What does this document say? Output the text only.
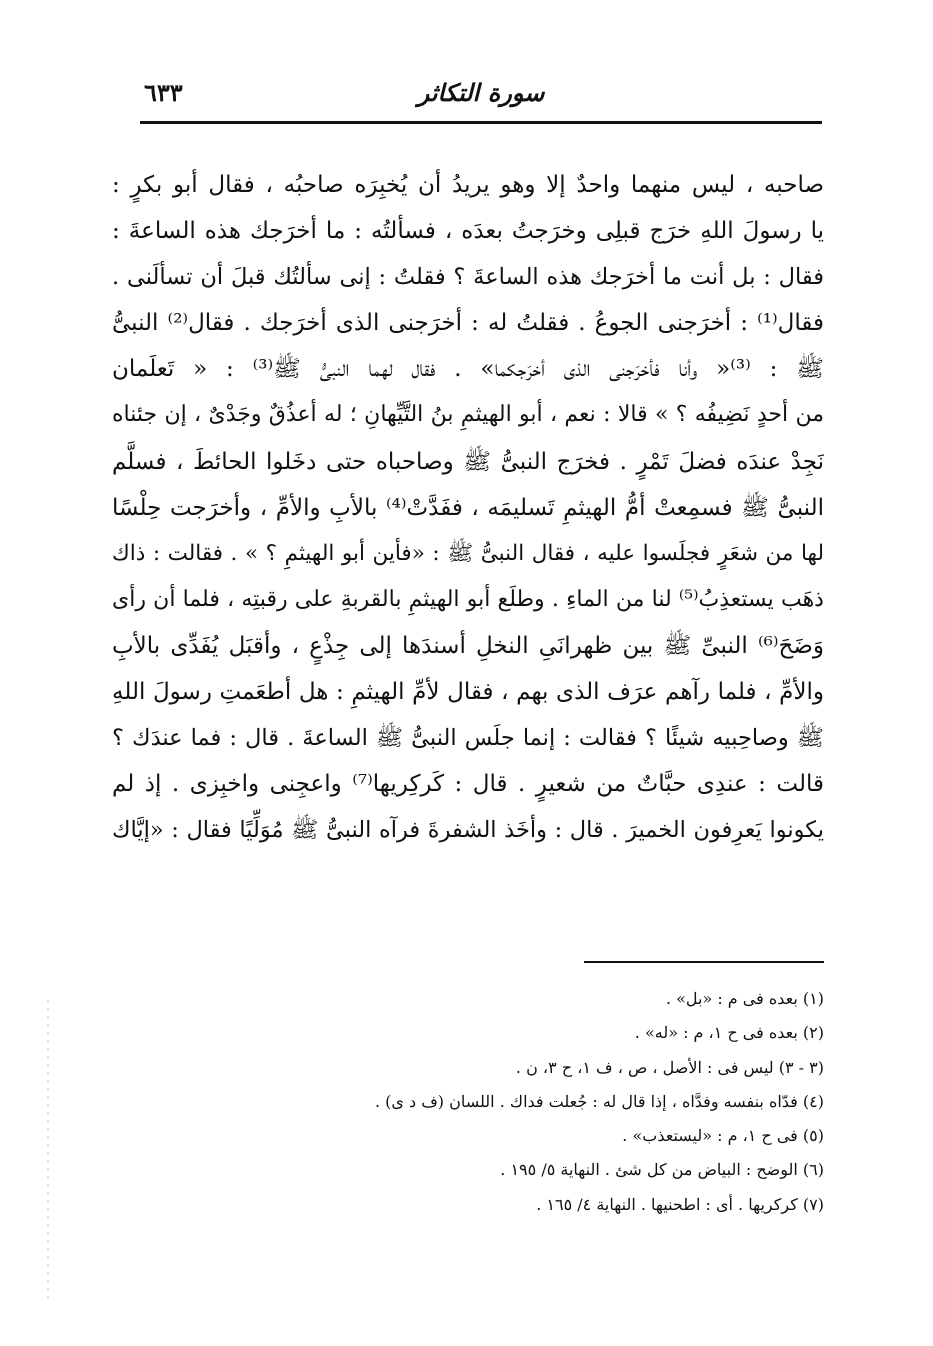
سورة التكاثر
٦٣٣
صاحبه ، ليس منهما واحدٌ إلا وهو يريدُ أن يُخبِرَه صاحبُه ، فقال أبو بكرٍ :
يا رسولَ اللهِ خرَج قبلِى وخرَجتُ بعدَه ، فسألتُه : ما أخرَجك هذه الساعةَ :
فقال : بل أنت ما أخرَجك هذه الساعةَ ؟ فقلتُ : إنى سألتُك قبلَ أن تسألَنى .
فقال⁽¹⁾ : أخرَجنى الجوعُ . فقلتُ له : أخرَجنى الذى أخرَجك . فقال⁽²⁾ النبىُّ
ﷺ : ⁽³⁾« وأنا فأخرَجنى الذى أخرَجكما» . فقال لهما النبىُّ ﷺ⁽³⁾ : « تَعلَمان
من أحدٍ نَضِيفُه ؟ » قالا : نعم ، أبو الهيثمِ بنُ التَّيِّهانِ ؛ له أعذُقٌ وجَدْىٌ ، إن جئناه
نَجِدْ عندَه فضلَ تَمْرٍ . فخرَج النبىُّ ﷺ وصاحباه حتى دخَلوا الحائطَ ، فسلَّم
النبىُّ ﷺ فسمِعتْ أمُّ الهيثمِ تَسليمَه ، ففَدَّتْ⁽⁴⁾ بالأبِ والأمِّ ، وأخرَجت حِلْسًا
لها من شعَرٍ فجلَسوا عليه ، فقال النبىُّ ﷺ : «فأين أبو الهيثمِ ؟ » . فقالت : ذاك
ذهَب يستعذِبُ⁽⁵⁾ لنا من الماءِ . وطلَع أبو الهيثمِ بالقربةِ على رقبتِه ، فلما أن رأى
وَضَحَ⁽⁶⁾ النبىِّ ﷺ بين ظهرانَىِ النخلِ أسندَها إلى جِذْعٍ ، وأقبَل يُفَدِّى بالأبِ
والأمِّ ، فلما رآهم عرَف الذى بهم ، فقال لأمِّ الهيثمِ : هل أطعَمتِ رسولَ اللهِ
ﷺ وصاحِبيه شيئًا ؟ فقالت : إنما جلَس النبىُّ ﷺ الساعةَ . قال : فما عندَك ؟
قالت : عندِى حبَّاتٌ من شعيرٍ . قال : كَركِريها⁽⁷⁾ واعجِنى واخبِزى . إذ لم
يكونوا يَعرِفون الخميرَ . قال : وأخَذ الشفرةَ فرآه النبىُّ ﷺ مُوَلِّيًا فقال : «إيَّاك
(١) بعده فى م : «بل» .
(٢) بعده فى ح ١، م : «له» .
(٣ - ٣) ليس فى : الأصل ، ص ، ف ١، ح ٣، ن .
(٤) فدّاه بنفسه وفدَّاه ، إذا قال له : جُعلت فداك . اللسان (ف د ى) .
(٥) فى ح ١، م : «ليستعذب» .
(٦) الوضح : البياض من كل شئ . النهاية ٥/ ١٩٥ .
(٧) كركريها . أى : اطحنيها . النهاية ٤/ ١٦٥ .
